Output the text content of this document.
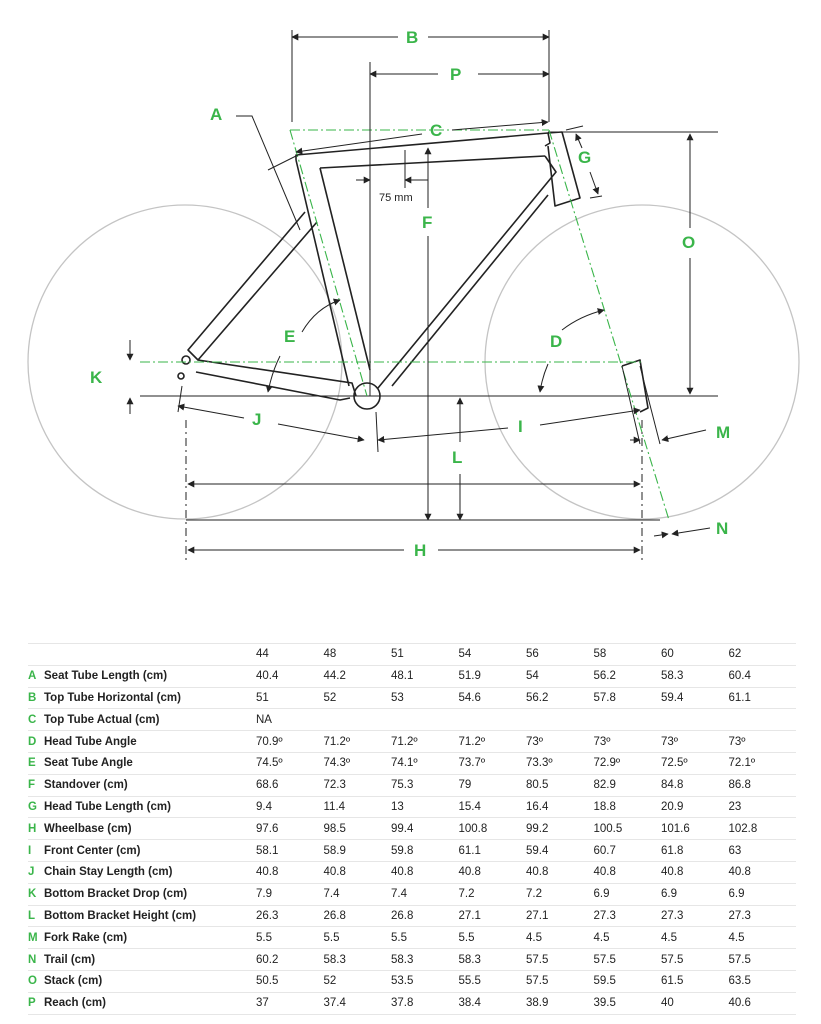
A
B
C
D
E
F
G
H
I
J
K
L
M
N
O
P
75 mm
		44	48	51	54	56	58	60	62
A	Seat Tube Length (cm)	40.4	44.2	48.1	51.9	54	56.2	58.3	60.4
B	Top Tube Horizontal (cm)	51	52	53	54.6	56.2	57.8	59.4	61.1
C	Top Tube Actual (cm)	NA							
D	Head Tube Angle	70.9º	71.2º	71.2º	71.2º	73º	73º	73º	73º
E	Seat Tube Angle	74.5º	74.3º	74.1º	73.7º	73.3º	72.9º	72.5º	72.1º
F	Standover (cm)	68.6	72.3	75.3	79	80.5	82.9	84.8	86.8
G	Head Tube Length (cm)	9.4	11.4	13	15.4	16.4	18.8	20.9	23
H	Wheelbase (cm)	97.6	98.5	99.4	100.8	99.2	100.5	101.6	102.8
I	Front Center (cm)	58.1	58.9	59.8	61.1	59.4	60.7	61.8	63
J	Chain Stay Length (cm)	40.8	40.8	40.8	40.8	40.8	40.8	40.8	40.8
K	Bottom Bracket Drop (cm)	7.9	7.4	7.4	7.2	7.2	6.9	6.9	6.9
L	Bottom Bracket Height (cm)	26.3	26.8	26.8	27.1	27.1	27.3	27.3	27.3
M	Fork Rake (cm)	5.5	5.5	5.5	5.5	4.5	4.5	4.5	4.5
N	Trail (cm)	60.2	58.3	58.3	58.3	57.5	57.5	57.5	57.5
O	Stack (cm)	50.5	52	53.5	55.5	57.5	59.5	61.5	63.5
P	Reach (cm)	37	37.4	37.8	38.4	38.9	39.5	40	40.6
